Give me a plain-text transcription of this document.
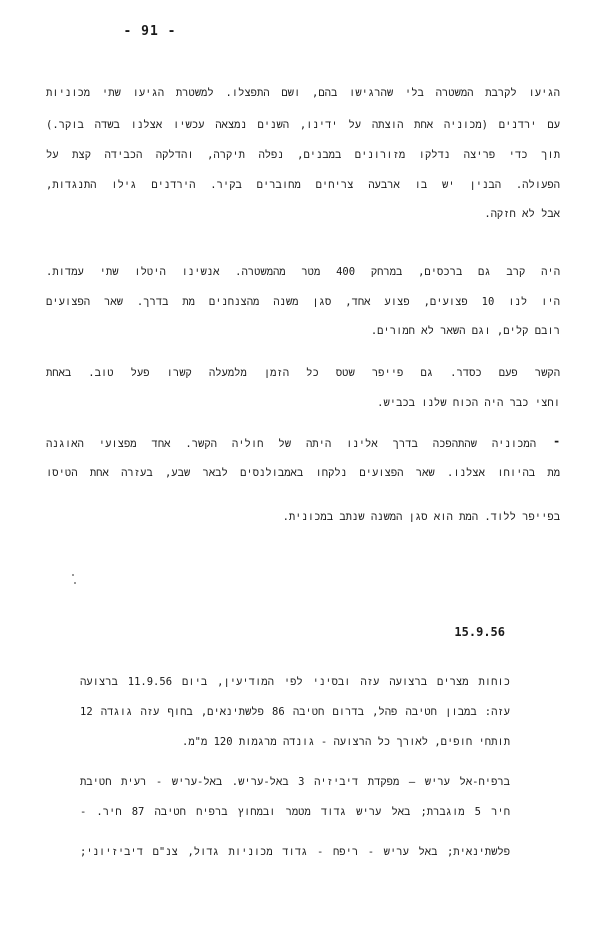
- 91 -
הגיעו לקרבת המשטרה בלי שהרגישו בהם, ושם התפצלו. למשטרת הגיעו שתי מכוניות
עם ירדנים (מכוניה אחת הוצתה על ידינו, השנים נמצאה עכשיו אצלנו בשדה בוקר.)
תוך כדי פריצה נדלקו מזורונים במבנים, נפלה תיקרה, והדלקה הכבידה קצת על
הפעולה. הבנין יש בו ארבעה צריחים מחוברים בקיר. הירדנים גילו התנגדות,
אבל לא חזקה.
היה קרב גם ברכסים, במרחק 400 מטר מהמשטרה. אנשינו היטלו שתי עמדות.
היו לנו 10 פצועים, פצוע אחד, סגן משנה מהצנחנים מת בדרך. שאר הפצועים
רובם קלים, וגם השאר לא חמורים.
הקשר פעם כסדר. גם פייפר שטס כל הזמן מלמעלה קשרו פעל טוב. באחת
וחצי כבר היה הכוח שלנו בכביש.
-
המכוניה שהתהפכה בדרך אלינו היתה של חוליה הקשר. אחד מפצועי האוגנה
מת בהיוחו אצלנו. שאר הפצועים נלקחו באמבולנסים לבאר שבע, בעזרה אחת הטיסו
בפייפר ללוד. המת הוא סגן המשנה שנתב במכונית.
15.9.56
כוחות מצרים ברצועה עזה ובסיני לפי המודיעין, ביום 11.9.56 ברצועה
עזה: במבון חטיבה פהל, בדרום חטיבה 86 פלשתינאים, בחוף עזה גוגדה 12
תותחי חופים, לאורך כל הרצועה - גונדה מרגמות 120 מ"מ.
ברפיח-אל עריש – מפקדת דיביזיה 3 באל-עריש. באל-עריש - רעית חטיבת
חיר 5 מוגברת; באל עריש גדוד מטמר ובמחוץ ברפיח חטיבה 87 חיר. -
פלשתינאית; באל עריש - ריפח - גדוד מכוניות גדול, צנ"ם דיביזיוני;
